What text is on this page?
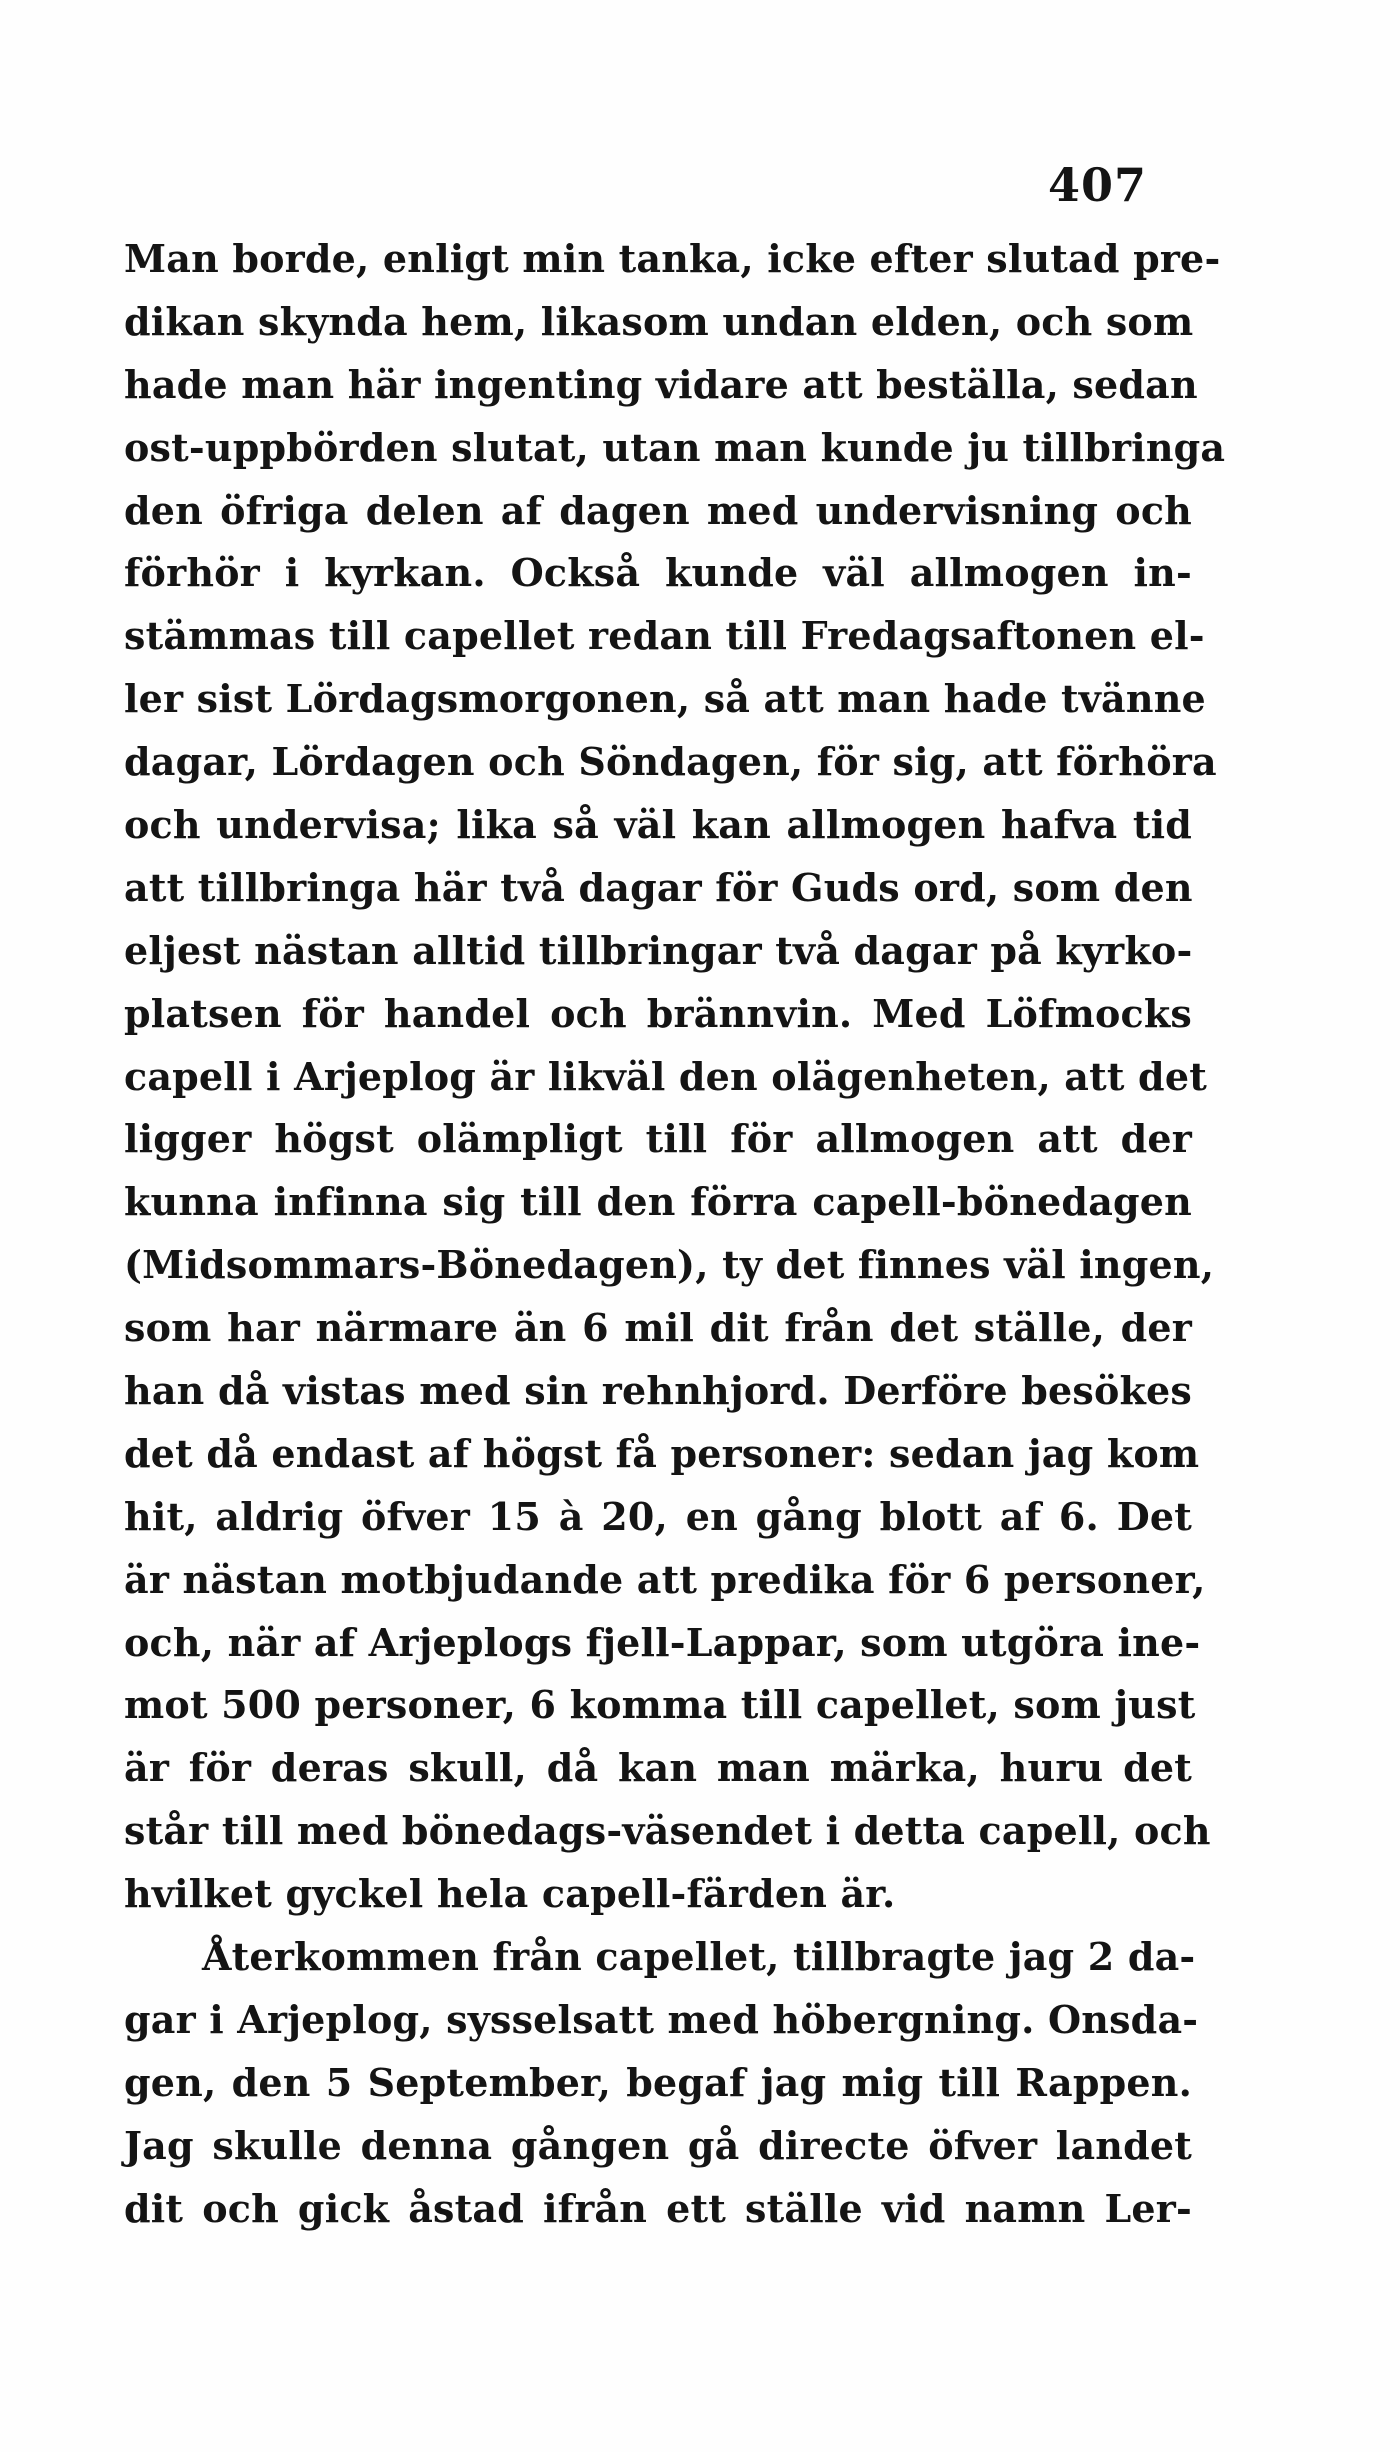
407
Man borde, enligt min tanka, icke efter slutad pre-
dikan skynda hem, likasom undan elden, och som
hade man här ingenting vidare att beställa, sedan
ost-uppbörden slutat, utan man kunde ju tillbringa
den öfriga delen af dagen med undervisning och
förhör i kyrkan. Också kunde väl allmogen in-
stämmas till capellet redan till Fredagsaftonen el-
ler sist Lördagsmorgonen, så att man hade tvänne
dagar, Lördagen och Söndagen, för sig, att förhöra
och undervisa; lika så väl kan allmogen hafva tid
att tillbringa här två dagar för Guds ord, som den
eljest nästan alltid tillbringar två dagar på kyrko-
platsen för handel och brännvin. Med Löfmocks
capell i Arjeplog är likväl den olägenheten, att det
ligger högst olämpligt till för allmogen att der
kunna infinna sig till den förra capell-bönedagen
(Midsommars-Bönedagen), ty det finnes väl ingen,
som har närmare än 6 mil dit från det ställe, der
han då vistas med sin rehnhjord. Derföre besökes
det då endast af högst få personer: sedan jag kom
hit, aldrig öfver 15 à 20, en gång blott af 6. Det
är nästan motbjudande att predika för 6 personer,
och, när af Arjeplogs fjell-Lappar, som utgöra ine-
mot 500 personer, 6 komma till capellet, som just
är för deras skull, då kan man märka, huru det
står till med bönedags-väsendet i detta capell, och
hvilket gyckel hela capell-färden är.
Återkommen från capellet, tillbragte jag 2 da-
gar i Arjeplog, sysselsatt med höbergning. Onsda-
gen, den 5 September, begaf jag mig till Rappen.
Jag skulle denna gången gå directe öfver landet
dit och gick åstad ifrån ett ställe vid namn Ler-
